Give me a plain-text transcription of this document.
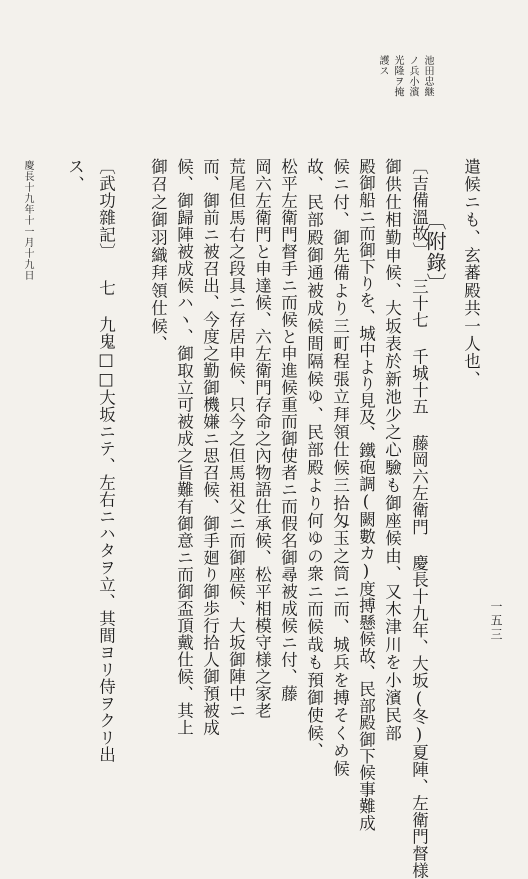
池田忠継
ノ兵小濱
光隆ヲ掩
護ス
遣候ニも、玄蕃殿共一人也、
〔附錄〕
〔吉備溫故〕 三十七 千城十五 藤岡六左衛門 慶長十九年、大坂(冬)夏陣、左衛門督様
御供仕相勤申候、大坂表於新池少之心驗も御座候由、又木津川を小濱民部
殿御船ニ而御下りを、城中より見及、鐵砲調(闕數カ)度搏懸候故、民部殿御下候事難成
候ニ付、御先備より三町程張立拜領仕候三拾匁玉之筒ニ而、城兵を搏そくめ候
故、民部殿御通被成候間隔候ゆ、民部殿より何ゆの衆ニ而候哉も預御使候、
松平左衛門督手ニ而候と申進候重而御使者ニ而假名御尋被成候ニ付、藤
岡六左衛門と申達候、六左衛門存命之內物語仕承候、松平相模守様之家老
荒尾但馬右之段具ニ存居申候、只今之但馬祖父ニ而御座候、大坂御陣中ニ
而、御前ニ被召出、今度之勤御機嫌ニ思召候、御手廻り御歩行拾人御預被成
候、御歸陣被成候ハヽ、御取立可被成之旨難有御意ニ而御盃頂戴仕候、其上
御召之御羽織拜領仕候、
〔武功雜記〕 七 九鬼□□大坂ニテ、左右ニハタヲ立、其間ヨリ侍ヲクリ出
ス、
一五三
慶長十九年十一月十九日
